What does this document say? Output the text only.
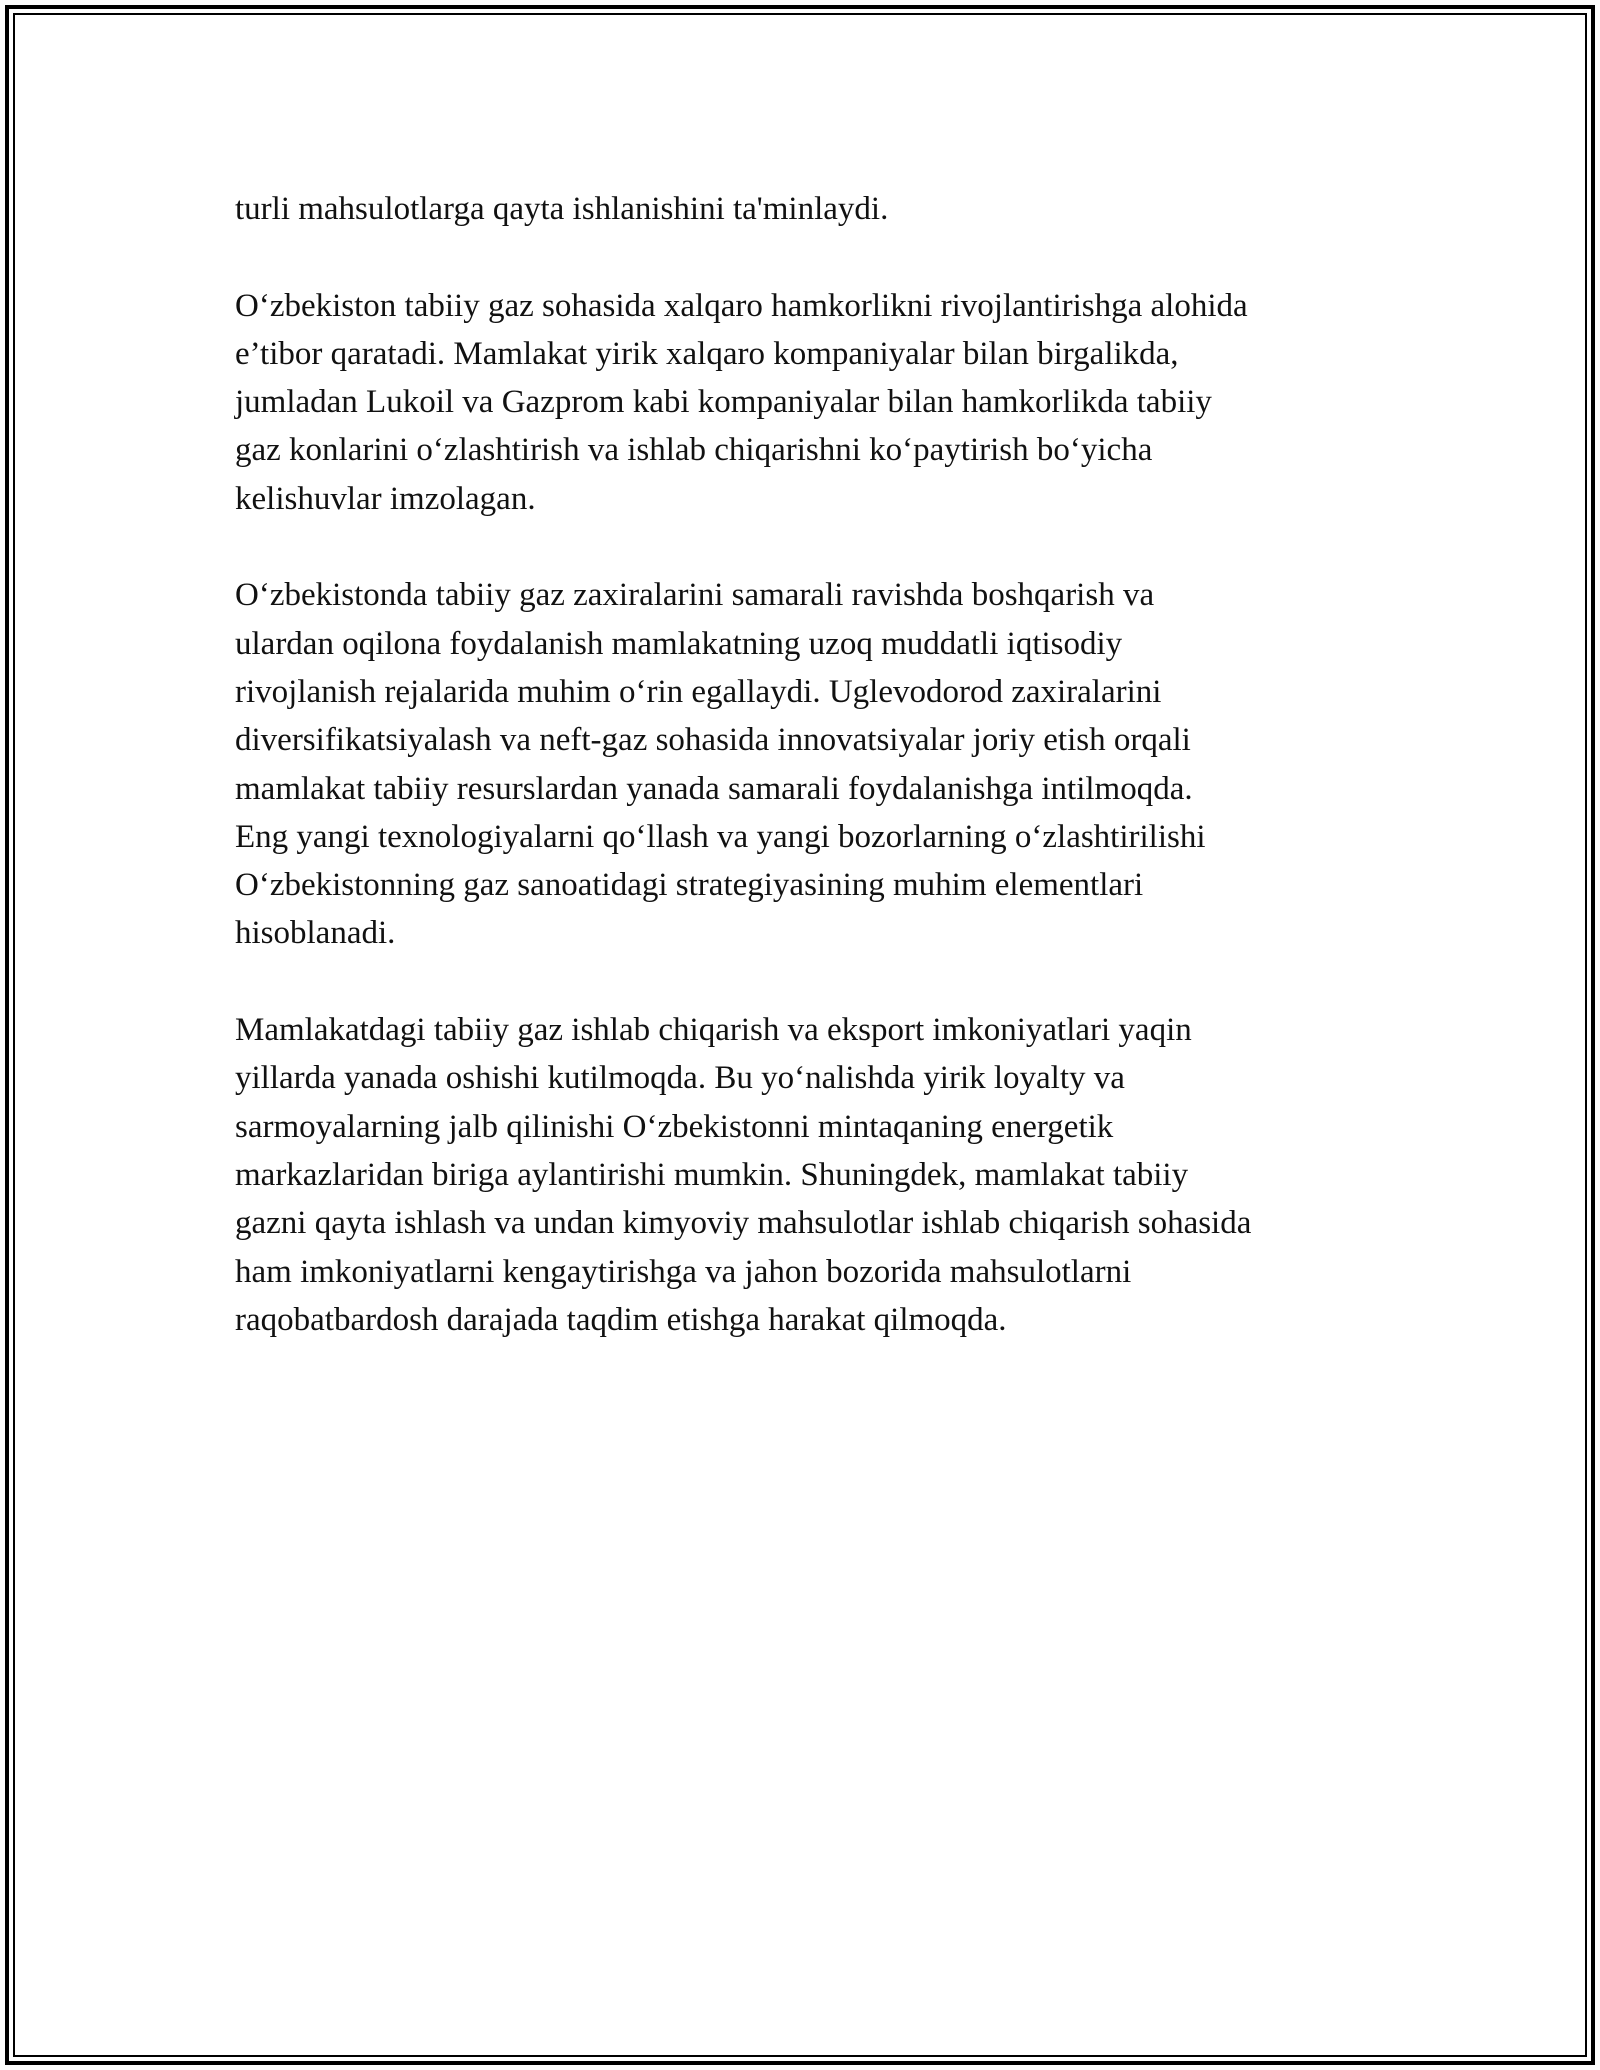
turli mahsulotlarga qayta ishlanishini ta'minlaydi.

O‘zbekiston tabiiy gaz sohasida xalqaro hamkorlikni rivojlantirishga alohida
e’tibor qaratadi. Mamlakat yirik xalqaro kompaniyalar bilan birgalikda,
jumladan Lukoil va Gazprom kabi kompaniyalar bilan hamkorlikda tabiiy
gaz konlarini o‘zlashtirish va ishlab chiqarishni ko‘paytirish bo‘yicha
kelishuvlar imzolagan.

O‘zbekistonda tabiiy gaz zaxiralarini samarali ravishda boshqarish va
ulardan oqilona foydalanish mamlakatning uzoq muddatli iqtisodiy
rivojlanish rejalarida muhim o‘rin egallaydi. Uglevodorod zaxiralarini
diversifikatsiyalash va neft-gaz sohasida innovatsiyalar joriy etish orqali
mamlakat tabiiy resurslardan yanada samarali foydalanishga intilmoqda.
Eng yangi texnologiyalarni qo‘llash va yangi bozorlarning o‘zlashtirilishi
O‘zbekistonning gaz sanoatidagi strategiyasining muhim elementlari
hisoblanadi.

Mamlakatdagi tabiiy gaz ishlab chiqarish va eksport imkoniyatlari yaqin
yillarda yanada oshishi kutilmoqda. Bu yo‘nalishda yirik loyalty va
sarmoyalarning jalb qilinishi O‘zbekistonni mintaqaning energetik
markazlaridan biriga aylantirishi mumkin. Shuningdek, mamlakat tabiiy
gazni qayta ishlash va undan kimyoviy mahsulotlar ishlab chiqarish sohasida
ham imkoniyatlarni kengaytirishga va jahon bozorida mahsulotlarni
raqobatbardosh darajada taqdim etishga harakat qilmoqda.
